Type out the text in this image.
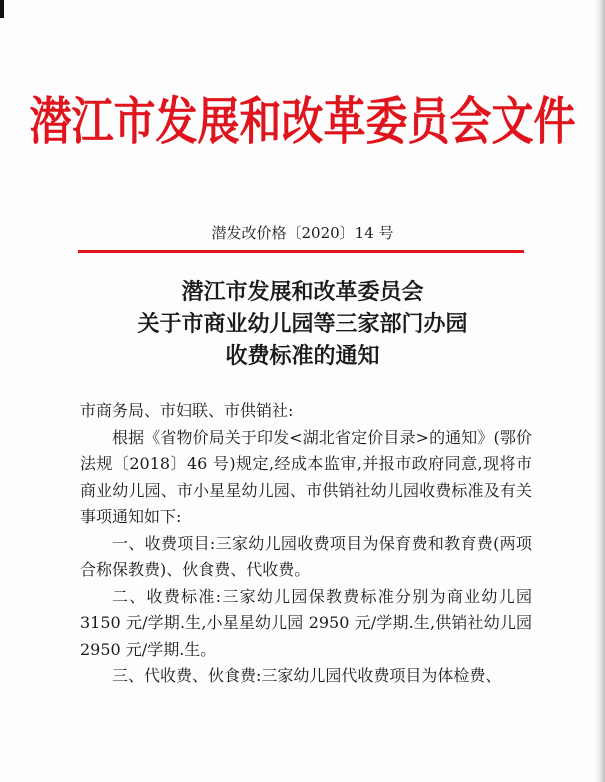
潜江市发展和改革委员会文件
潜发改价格〔2020〕14 号
潜江市发展和改革委员会
关于市商业幼儿园等三家部门办园
收费标准的通知

市商务局、市妇联、市供销社:

根据《省物价局关于印发<湖北省定价目录>的通知》(鄂价法规〔2018〕46 号)规定,经成本监审,并报市政府同意,现将市商业幼儿园、市小星星幼儿园、市供销社幼儿园收费标准及有关事项通知如下:

一、收费项目:三家幼儿园收费项目为保育费和教育费(两项合称保教费)、伙食费、代收费。

二、收费标准:三家幼儿园保教费标准分别为商业幼儿园 3150 元/学期.生,小星星幼儿园 2950 元/学期.生,供销社幼儿园 2950 元/学期.生。

三、代收费、伙食费:三家幼儿园代收费项目为体检费、
